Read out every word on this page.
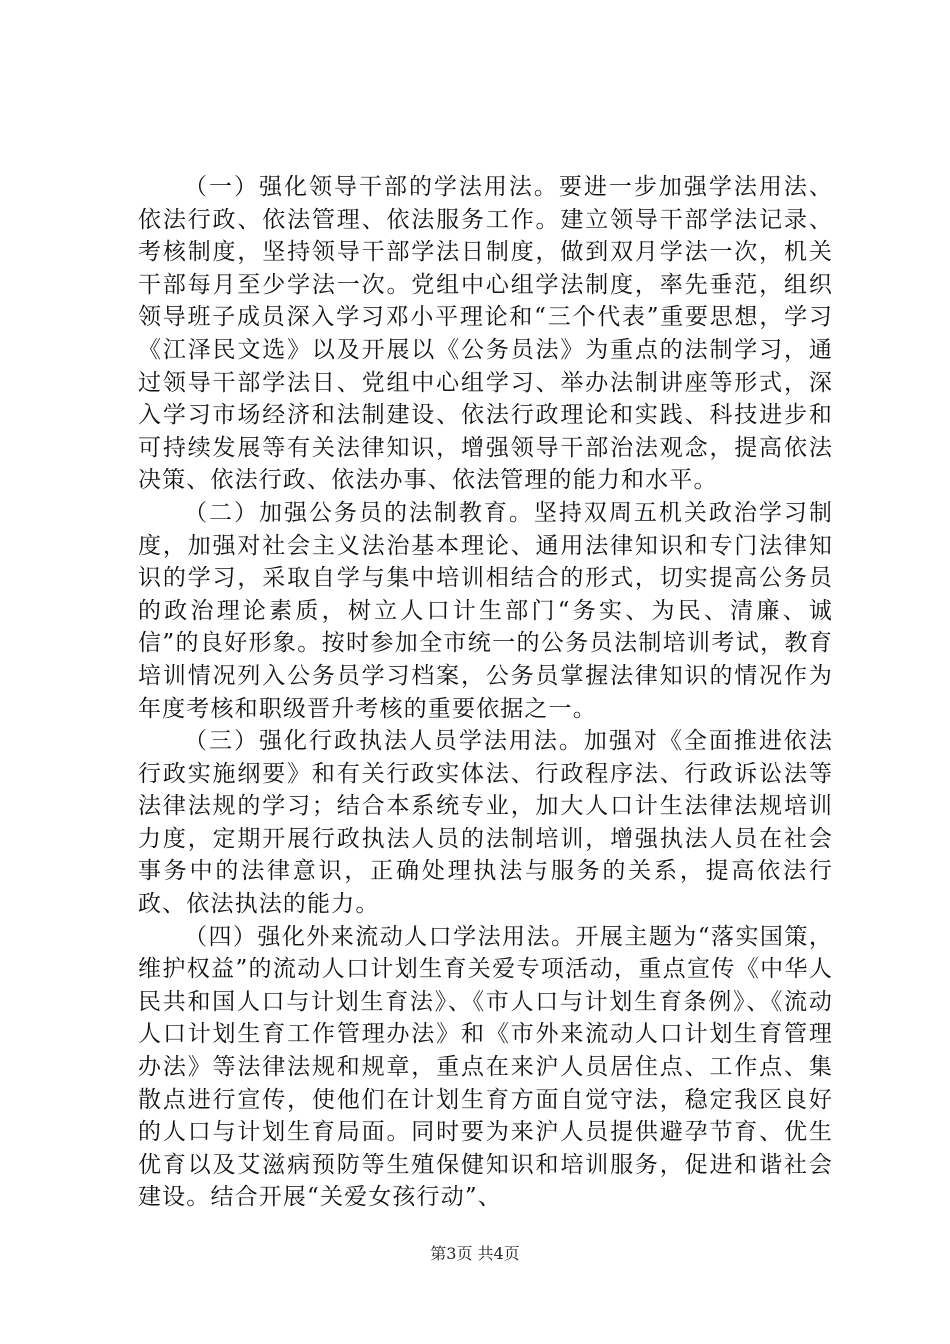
（一）强化领导干部的学法用法。要进一步加强学法用法、依法行政、依法管理、依法服务工作。建立领导干部学法记录、考核制度，坚持领导干部学法日制度，做到双月学法一次，机关干部每月至少学法一次。党组中心组学法制度，率先垂范，组织领导班子成员深入学习邓小平理论和“三个代表”重要思想，学习《江泽民文选》以及开展以《公务员法》为重点的法制学习，通过领导干部学法日、党组中心组学习、举办法制讲座等形式，深入学习市场经济和法制建设、依法行政理论和实践、科技进步和可持续发展等有关法律知识，增强领导干部治法观念，提高依法决策、依法行政、依法办事、依法管理的能力和水平。

（二）加强公务员的法制教育。坚持双周五机关政治学习制度，加强对社会主义法治基本理论、通用法律知识和专门法律知识的学习，采取自学与集中培训相结合的形式，切实提高公务员的政治理论素质，树立人口计生部门“务实、为民、清廉、诚信”的良好形象。按时参加全市统一的公务员法制培训考试，教育培训情况列入公务员学习档案，公务员掌握法律知识的情况作为年度考核和职级晋升考核的重要依据之一。

（三）强化行政执法人员学法用法。加强对《全面推进依法行政实施纲要》和有关行政实体法、行政程序法、行政诉讼法等法律法规的学习；结合本系统专业，加大人口计生法律法规培训力度，定期开展行政执法人员的法制培训，增强执法人员在社会事务中的法律意识，正确处理执法与服务的关系，提高依法行政、依法执法的能力。

（四）强化外来流动人口学法用法。开展主题为“落实国策，维护权益”的流动人口计划生育关爱专项活动，重点宣传《中华人民共和国人口与计划生育法》、《市人口与计划生育条例》、《流动人口计划生育工作管理办法》和《市外来流动人口计划生育管理办法》等法律法规和规章，重点在来沪人员居住点、工作点、集散点进行宣传，使他们在计划生育方面自觉守法，稳定我区良好的人口与计划生育局面。同时要为来沪人员提供避孕节育、优生优育以及艾滋病预防等生殖保健知识和培训服务，促进和谐社会建设。结合开展“关爱女孩行动”、

第3页 共4页
